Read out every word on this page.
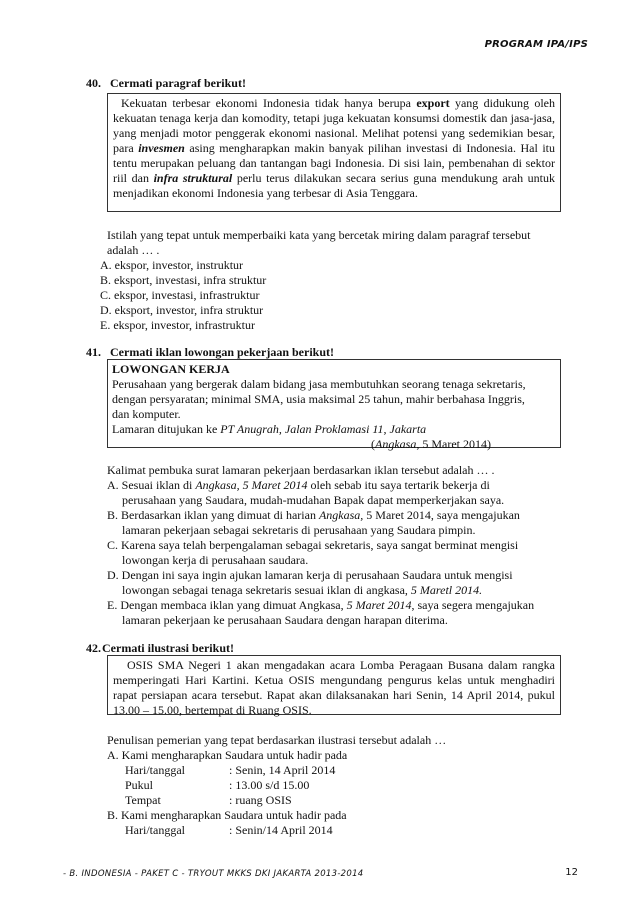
PROGRAM IPA/IPS
40. Cermati paragraf berikut!
Kekuatan terbesar ekonomi Indonesia tidak hanya berupa export yang didukung oleh kekuatan tenaga kerja dan komodity, tetapi juga kekuatan konsumsi domestik dan jasa-jasa, yang menjadi motor penggerak ekonomi nasional. Melihat potensi yang sedemikian besar, para invesmen asing mengharapkan makin banyak pilihan investasi di Indonesia. Hal itu tentu merupakan peluang dan tantangan bagi Indonesia. Di sisi lain, pembenahan di sektor riil dan infra struktural perlu terus dilakukan secara serius guna mendukung arah untuk menjadikan ekonomi Indonesia yang terbesar di Asia Tenggara.
Istilah yang tepat untuk memperbaiki kata yang bercetak miring dalam paragraf tersebut
adalah … .
A. ekspor, investor, instruktur
B. eksport, investasi, infra struktur
C. ekspor, investasi, infrastruktur
D. eksport, investor, infra struktur
E. ekspor, investor, infrastruktur
41. Cermati iklan lowongan pekerjaan berikut!
LOWONGAN KERJA
Perusahaan yang bergerak dalam bidang jasa membutuhkan seorang tenaga sekretaris,
dengan persyaratan; minimal SMA, usia maksimal 25 tahun, mahir berbahasa Inggris,
dan komputer.
Lamaran ditujukan ke PT Anugrah, Jalan Proklamasi 11, Jakarta
(Angkasa, 5 Maret 2014)
Kalimat pembuka surat lamaran pekerjaan berdasarkan iklan tersebut adalah … .
A. Sesuai iklan di Angkasa, 5 Maret 2014 oleh sebab itu saya tertarik bekerja di
perusahaan yang Saudara, mudah-mudahan Bapak dapat memperkerjakan saya.
B. Berdasarkan iklan yang dimuat di harian Angkasa, 5 Maret 2014, saya mengajukan
lamaran pekerjaan sebagai sekretaris di perusahaan yang Saudara pimpin.
C. Karena saya telah berpengalaman sebagai sekretaris, saya sangat berminat mengisi
lowongan kerja di perusahaan saudara.
D. Dengan ini saya ingin ajukan lamaran kerja di perusahaan Saudara untuk mengisi
lowongan sebagai tenaga sekretaris sesuai iklan di angkasa, 5 Maretl 2014.
E. Dengan membaca iklan yang dimuat Angkasa, 5 Maret 2014, saya segera mengajukan
lamaran pekerjaan ke perusahaan Saudara dengan harapan diterima.
42. Cermati ilustrasi berikut!
OSIS SMA Negeri 1 akan mengadakan acara Lomba Peragaan Busana dalam rangka memperingati Hari Kartini. Ketua OSIS mengundang pengurus kelas untuk menghadiri rapat persiapan acara tersebut. Rapat akan dilaksanakan hari Senin, 14 April 2014, pukul 13.00 – 15.00, bertempat di Ruang OSIS.
Penulisan pemerian yang tepat berdasarkan ilustrasi tersebut adalah …
A. Kami mengharapkan Saudara untuk hadir pada
Hari/tanggal	: Senin, 14 April 2014
Pukul	: 13.00 s/d 15.00
Tempat	: ruang OSIS
B. Kami mengharapkan Saudara untuk hadir pada
Hari/tanggal	: Senin/14 April 2014
- B. INDONESIA - PAKET C - TRYOUT MKKS DKI JAKARTA 2013-2014	12
